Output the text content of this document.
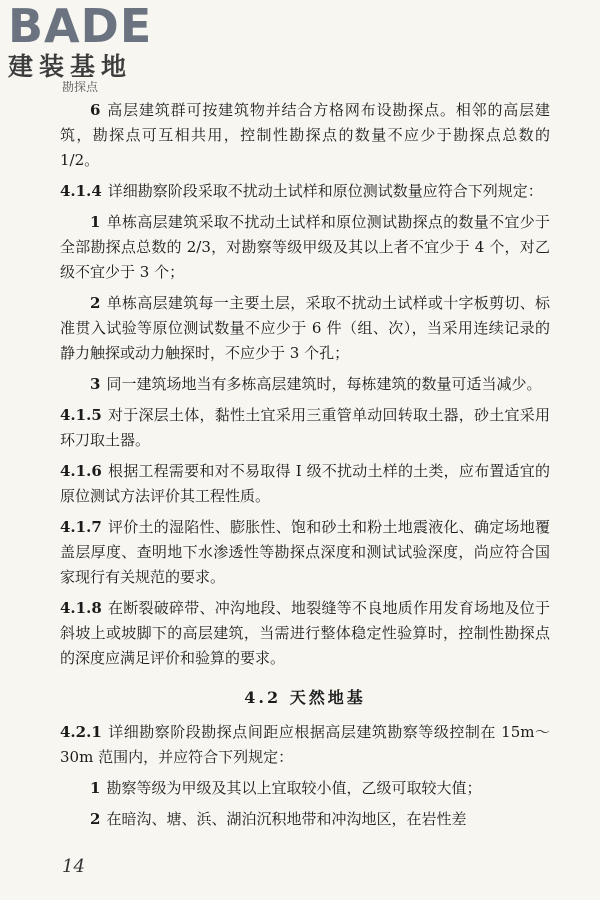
BADE
建装基地
勘探点

6 高层建筑群可按建筑物并结合方格网布设勘探点。相邻的高层建筑，勘探点可互相共用，控制性勘探点的数量不应少于勘探点总数的 1/2。

4.1.4 详细勘察阶段采取不扰动土试样和原位测试数量应符合下列规定：

1 单栋高层建筑采取不扰动土试样和原位测试勘探点的数量不宜少于全部勘探点总数的 2/3，对勘察等级甲级及其以上者不宜少于 4 个，对乙级不宜少于 3 个；

2 单栋高层建筑每一主要土层，采取不扰动土试样或十字板剪切、标准贯入试验等原位测试数量不应少于 6 件（组、次），当采用连续记录的静力触探或动力触探时，不应少于 3 个孔；

3 同一建筑场地当有多栋高层建筑时，每栋建筑的数量可适当减少。

4.1.5 对于深层土体，黏性土宜采用三重管单动回转取土器，砂土宜采用环刀取土器。

4.1.6 根据工程需要和对不易取得 I 级不扰动土样的土类，应布置适宜的原位测试方法评价其工程性质。

4.1.7 评价土的湿陷性、膨胀性、饱和砂土和粉土地震液化、确定场地覆盖层厚度、查明地下水渗透性等勘探点深度和测试试验深度，尚应符合国家现行有关规范的要求。

4.1.8 在断裂破碎带、冲沟地段、地裂缝等不良地质作用发育场地及位于斜坡上或坡脚下的高层建筑，当需进行整体稳定性验算时，控制性勘探点的深度应满足评价和验算的要求。

4.2 天然地基

4.2.1 详细勘察阶段勘探点间距应根据高层建筑勘察等级控制在 15m～30m 范围内，并应符合下列规定：

1 勘察等级为甲级及其以上宜取较小值，乙级可取较大值；

2 在暗沟、塘、浜、湖泊沉积地带和冲沟地区，在岩性差

14
